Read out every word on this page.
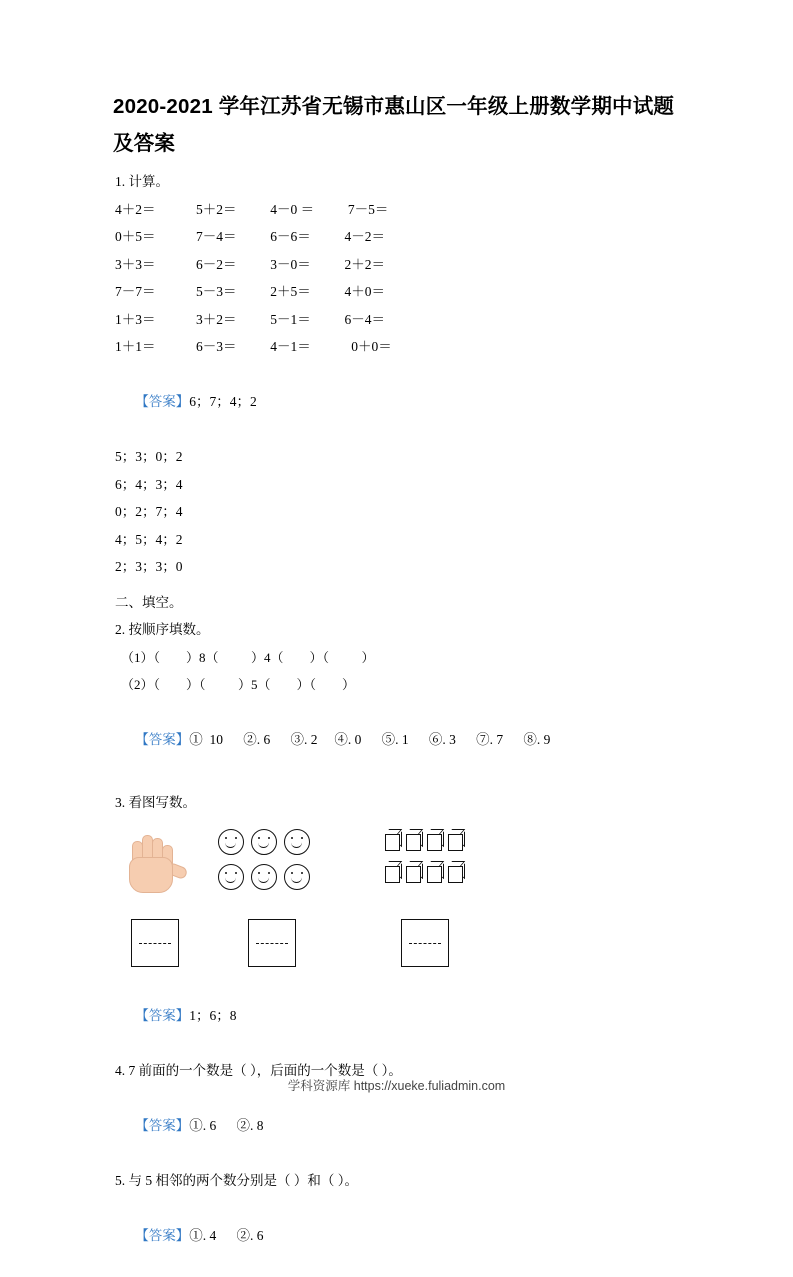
2020-2021 学年江苏省无锡市惠山区一年级上册数学期中试题及答案
1. 计算。
4＋2＝            5＋2＝          4－0 ＝          7－5＝
0＋5＝            7－4＝          6－6＝          4－2＝
3＋3＝            6－2＝          3－0＝          2＋2＝
7－7＝            5－3＝          2＋5＝          4＋0＝
1＋3＝            3＋2＝          5－1＝          6－4＝
1＋1＝            6－3＝          4－1＝            0＋0＝

【答案】6；7；4；2

5；3；0；2
6；4；3；4
0；2；7；4
4；5；4；2
2；3；3；0
二、填空。
2. 按顺序填数。
（1）（        ）8（          ）4（        ）（          ）
（2）（        ）（          ）5（        ）（        ）

【答案】①  10      ②. 6      ③. 2     ④. 0      ⑤. 1      ⑥. 3      ⑦. 7      ⑧. 9

3. 看图写数。

【答案】1；6；8

4. 7 前面的一个数是（ ），后面的一个数是（ ）。

【答案】①. 6      ②. 8

5. 与 5 相邻的两个数分别是（ ）和（ ）。

【答案】①. 4      ②. 6

学科资源库 https://xueke.fuliadmin.com
